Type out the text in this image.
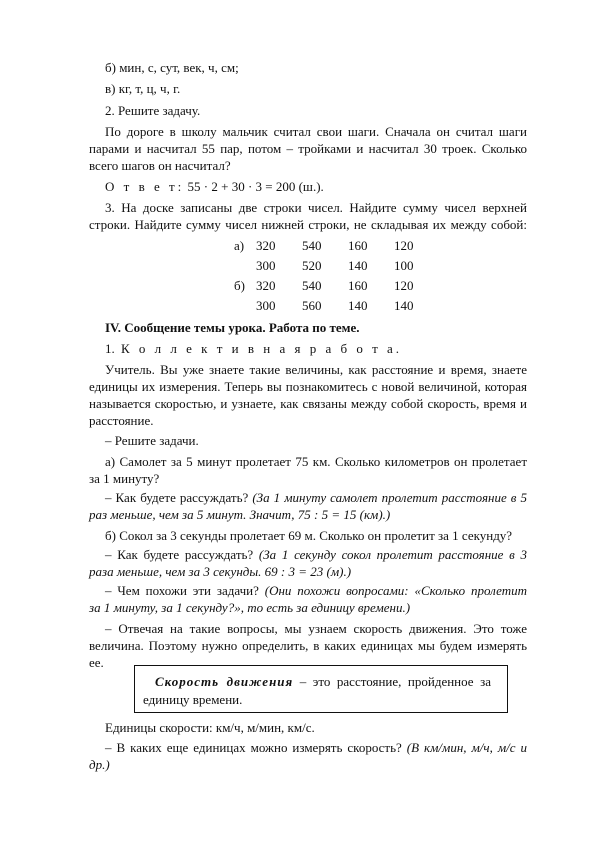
б) мин, с, сут, век, ч, см;
в) кг, т, ц, ч, г.
2. Решите задачу.
По дороге в школу мальчик считал свои шаги. Сначала он считал шаги
парами и насчитал 55 пар, потом – тройками и насчитал 30 троек. Сколько
всего шагов он насчитал?
О т в е т: 55 · 2 + 30 · 3 = 200 (ш.).
3. На доске записаны две строки чисел. Найдите сумму чисел верхней
строки. Найдите сумму чисел нижней строки, не складывая их между собой:
а)	320	540	160	120
	300	520	140	100
б)	320	540	160	120
	300	560	140	140
IV. Сообщение темы урока. Работа по теме.
1. К о л л е к т и в н а я р а б о т а.
Учитель. Вы уже знаете такие величины, как расстояние и время, знаете
единицы их измерения. Теперь вы познакомитесь с новой величиной, которая
называется скоростью, и узнаете, как связаны между собой скорость, время и
расстояние.
– Решите задачи.
а) Самолет за 5 минут пролетает 75 км. Сколько километров он пролетает
за 1 минуту?
– Как будете рассуждать? (За 1 минуту самолет пролетит расстояние в 5
раз меньше, чем за 5 минут. Значит, 75 : 5 = 15 (км).)
б) Сокол за 3 секунды пролетает 69 м. Сколько он пролетит за 1 секунду?
– Как будете рассуждать? (За 1 секунду сокол пролетит расстояние в 3
раза меньше, чем за 3 секунды. 69 : 3 = 23 (м).)
– Чем похожи эти задачи? (Они похожи вопросами: «Сколько пролетит
за 1 минуту, за 1 секунду?», то есть за единицу времени.)
– Отвечая на такие вопросы, мы узнаем скорость движения. Это тоже
величина. Поэтому нужно определить, в каких единицах мы будем измерять
ее.
Скорость движения – это расстояние, пройденное за
единицу времени.
Единицы скорости: км/ч, м/мин, км/с.
– В каких еще единицах можно измерять скорость? (В км/мин, м/ч, м/с и
др.)
